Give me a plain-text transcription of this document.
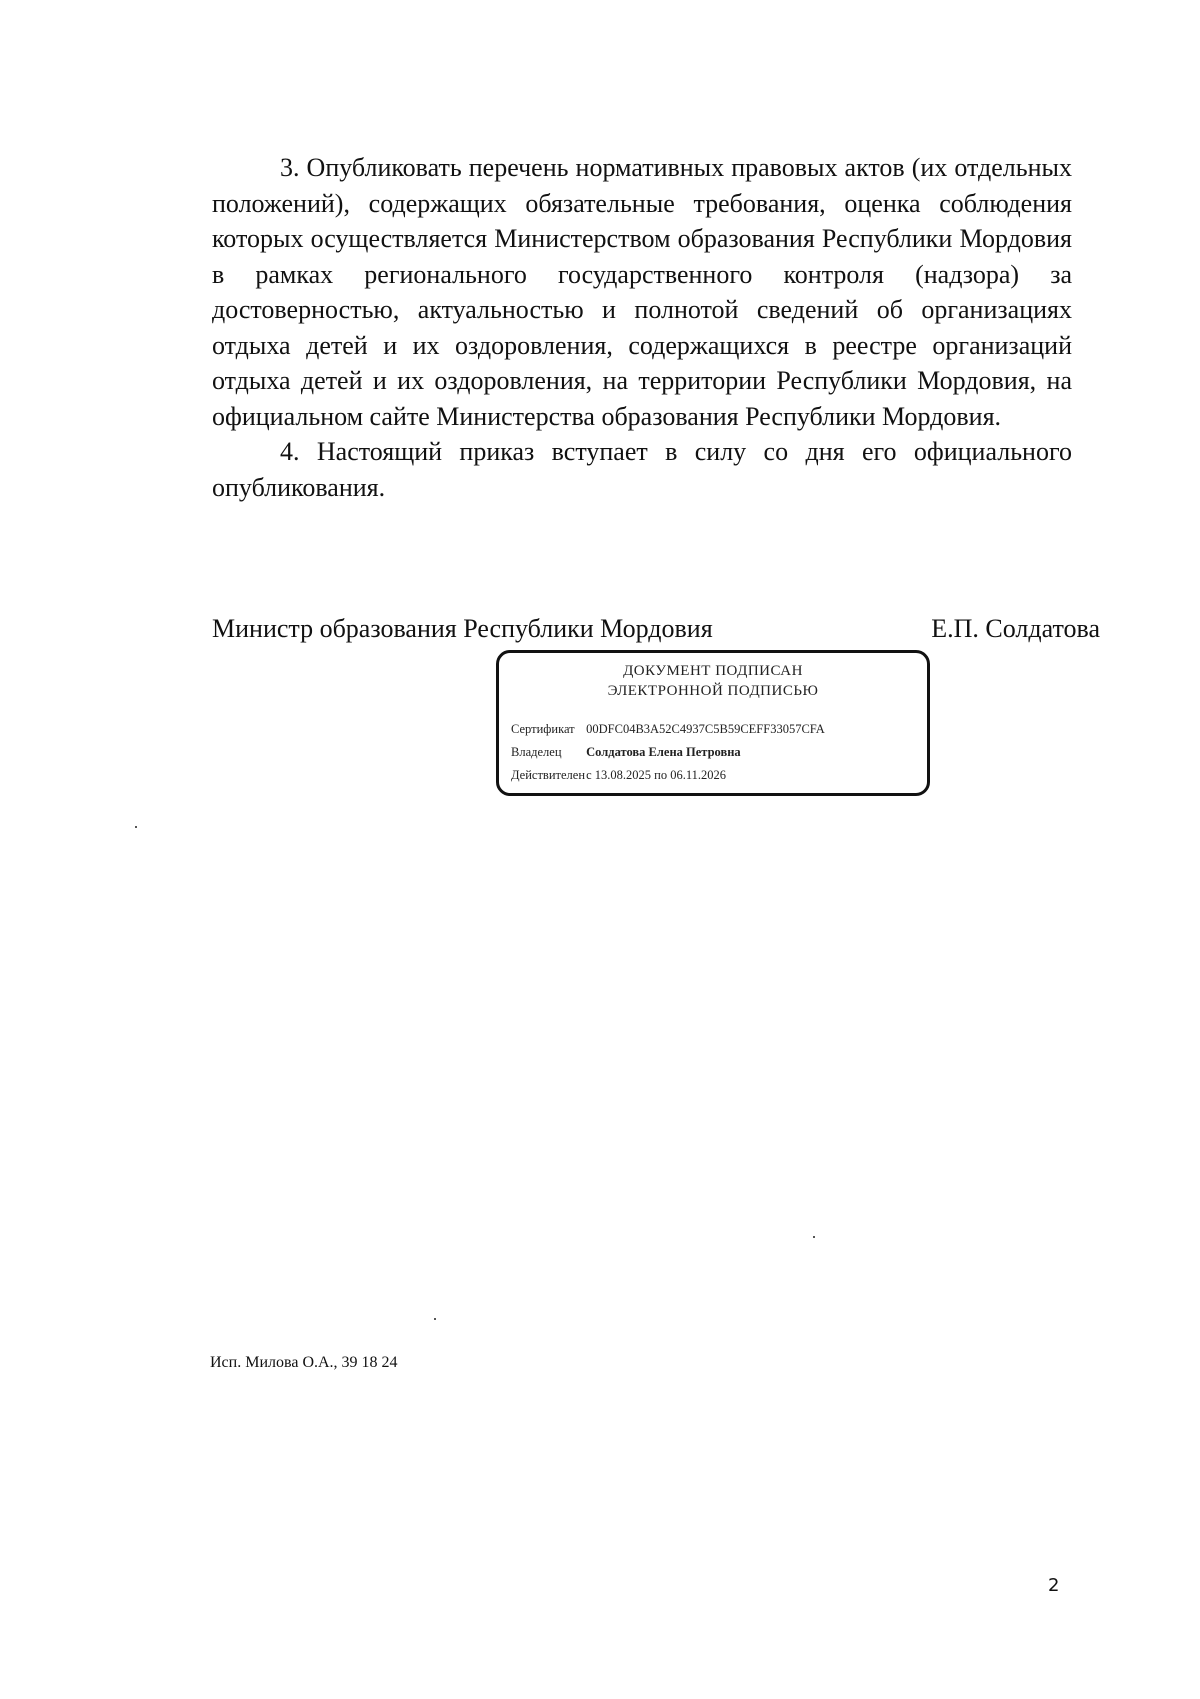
3. Опубликовать перечень нормативных правовых актов (их отдельных положений), содержащих обязательные требования, оценка соблюдения которых осуществляется Министерством образования Республики Мордовия в рамках регионального государственного контроля (надзора) за достоверностью, актуальностью и полнотой сведений об организациях отдыха детей и их оздоровления, содержащихся в реестре организаций отдыха детей и их оздоровления, на территории Республики Мордовия, на официальном сайте Министерства образования Республики Мордовия.

4. Настоящий приказ вступает в силу со дня его официального опубликования.

Министр образования Республики Мордовия	Е.П. Солдатова
ДОКУМЕНТ ПОДПИСАН
ЭЛЕКТРОННОЙ ПОДПИСЬЮ
Сертификат 00DFC04B3A52C4937C5B59CEFF33057CFA
Владелец Солдатова Елена Петровна
Действителен с 13.08.2025 по 06.11.2026
Исп. Милова О.А., 39 18 24
2
